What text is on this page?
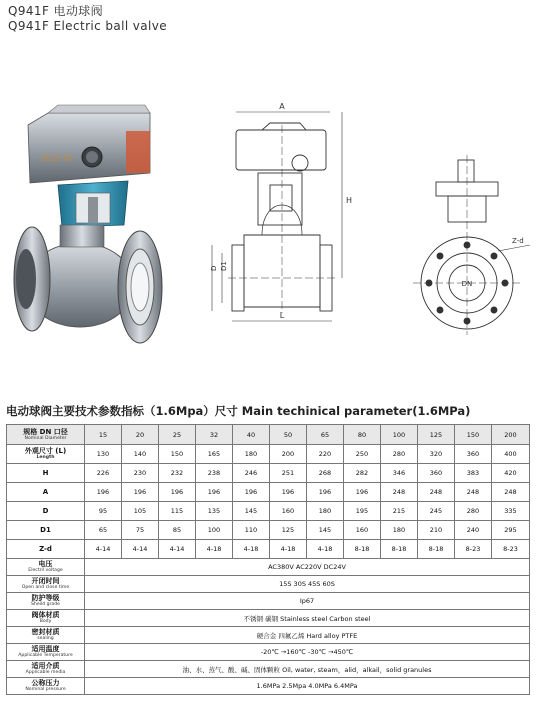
Q941F 电动球阀
Q941F Electric ball valve
HLZ-10
A
H
D D1
L
DN
Z-d
电动球阀主要技术参数指标（1.6Mpa）尺寸 Main techinical parameter(1.6MPa)
规格 DN 口径
Nominal Diameter	15	20	25	32	40	50	65	80	100	125	150	200

外观尺寸 (L)
Length	130	140	150	165	180	200	220	250	280	320	360	400

H	226	230	232	238	246	251	268	282	346	360	383	420

A	196	196	196	196	196	196	196	196	248	248	248	248

D	95	105	115	135	145	160	180	195	215	245	280	335

D1	65	75	85	100	110	125	145	160	180	210	240	295

Z-d	4-14	4-14	4-14	4-18	4-18	4-18	4-18	8-18	8-18	8-18	8-23	8-23

电压
Electril voltage	AC380V AC220V DC24V											

开闭时间
Open and close time	15S 30S 45S 60S											

防护等级
Sheild grade	Ip67											

阀体材质
Body	不锈钢 碳钢 Stainless steel Carbon steel											

密封材质
sealing	硬合金 四氟乙烯 Hard alloy PTFE											

适用温度
Applicable Temperature	-20℃ →160℃ -30℃ →450℃											

适用介质
Applicable media	油、水、蒸气、酸、碱、固体颗粒 Oil, water, steam，alid，alkail，solid granules											

公称压力
Nominal pressure	1.6MPa 2.5Mpa 4.0MPa 6.4MPa											
